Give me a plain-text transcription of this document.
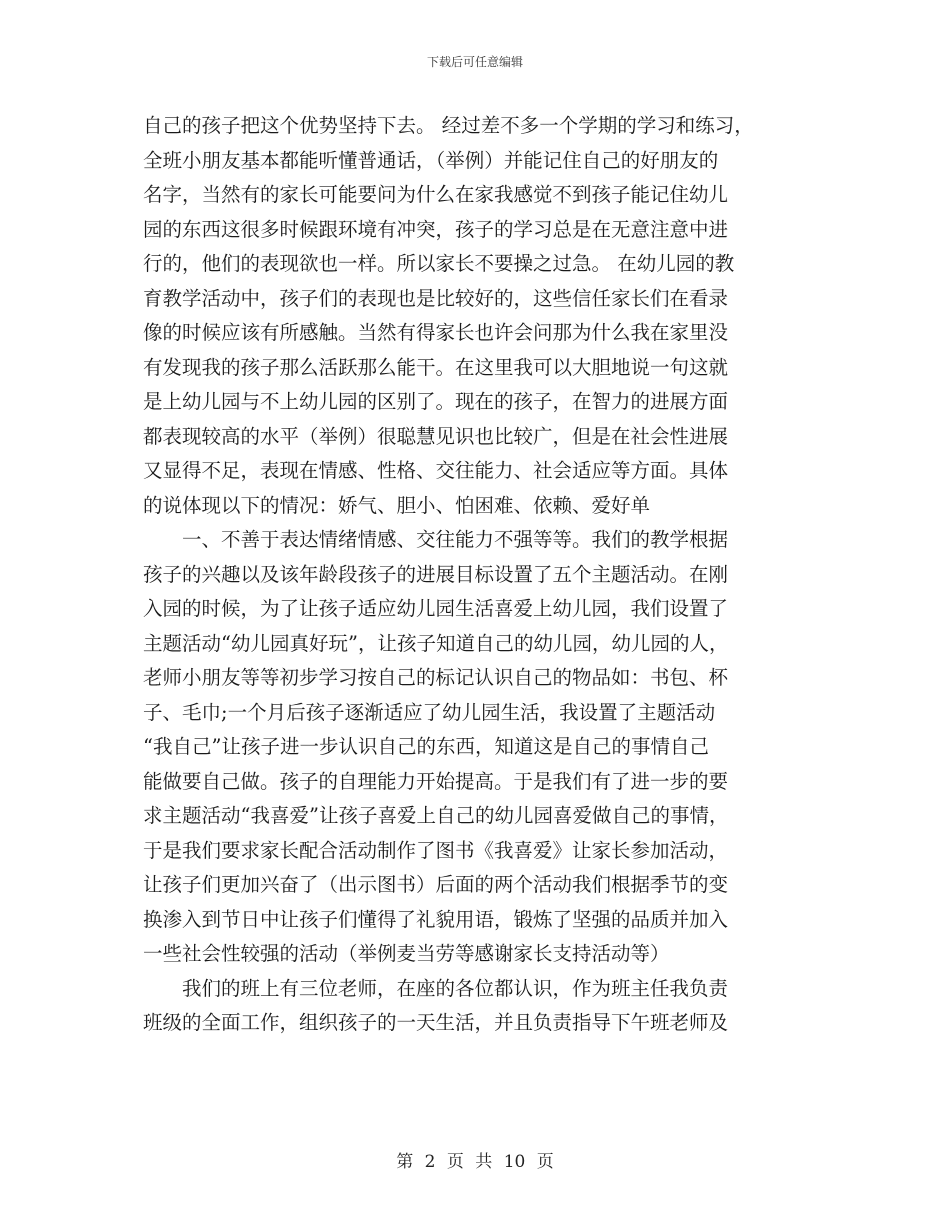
下载后可任意编辑
自己的孩子把这个优势坚持下去。 经过差不多一个学期的学习和练习，
全班小朋友基本都能听懂普通话，（举例）并能记住自己的好朋友的
名字，当然有的家长可能要问为什么在家我感觉不到孩子能记住幼儿
园的东西这很多时候跟环境有冲突，孩子的学习总是在无意注意中进
行的，他们的表现欲也一样。所以家长不要操之过急。 在幼儿园的教
育教学活动中，孩子们的表现也是比较好的，这些信任家长们在看录
像的时候应该有所感触。当然有得家长也许会问那为什么我在家里没
有发现我的孩子那么活跃那么能干。在这里我可以大胆地说一句这就
是上幼儿园与不上幼儿园的区别了。现在的孩子，在智力的进展方面
都表现较高的水平（举例）很聪慧见识也比较广，但是在社会性进展
又显得不足，表现在情感、性格、交往能力、社会适应等方面。具体
的说体现以下的情况：娇气、胆小、怕困难、依赖、爱好单
一、不善于表达情绪情感、交往能力不强等等。我们的教学根据
孩子的兴趣以及该年龄段孩子的进展目标设置了五个主题活动。在刚
入园的时候，为了让孩子适应幼儿园生活喜爱上幼儿园，我们设置了
主题活动“幼儿园真好玩”，让孩子知道自己的幼儿园，幼儿园的人，
老师小朋友等等初步学习按自己的标记认识自己的物品如：书包、杯
子、毛巾;一个月后孩子逐渐适应了幼儿园生活，我设置了主题活动
“我自己”让孩子进一步认识自己的东西，知道这是自己的事情自己
能做要自己做。孩子的自理能力开始提高。于是我们有了进一步的要
求主题活动“我喜爱”让孩子喜爱上自己的幼儿园喜爱做自己的事情，
于是我们要求家长配合活动制作了图书《我喜爱》让家长参加活动，
让孩子们更加兴奋了（出示图书）后面的两个活动我们根据季节的变
换渗入到节日中让孩子们懂得了礼貌用语，锻炼了坚强的品质并加入
一些社会性较强的活动（举例麦当劳等感谢家长支持活动等）
我们的班上有三位老师，在座的各位都认识，作为班主任我负责
班级的全面工作，组织孩子的一天生活，并且负责指导下午班老师及
第 2 页 共 10 页
